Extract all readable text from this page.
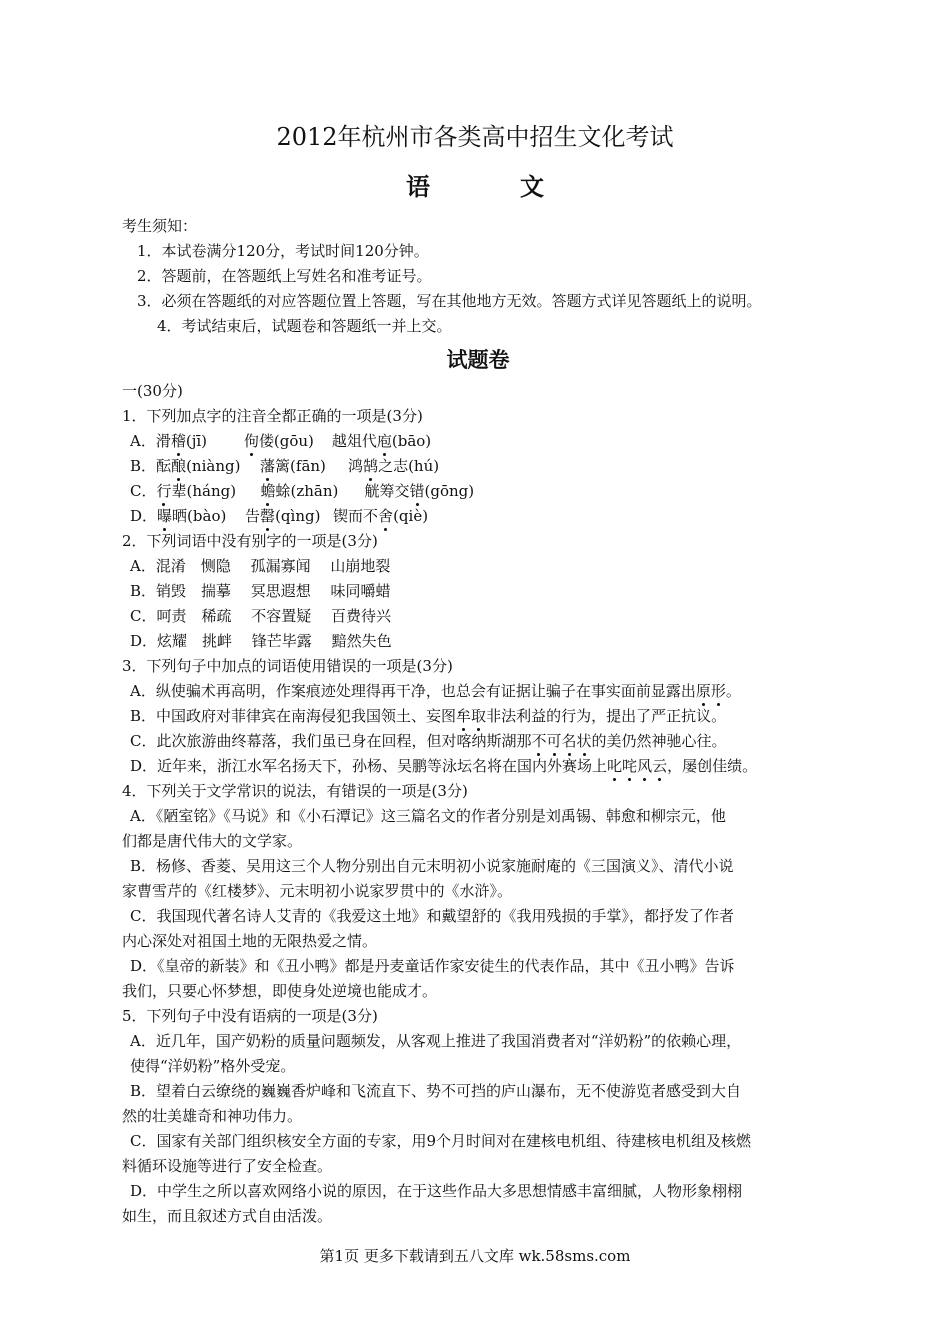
2012年杭州市各类高中招生文化考试
语	文
考生须知：
1．本试卷满分120分，考试时间120分钟。
2．答题前，在答题纸上写姓名和准考证号。
3．必须在答题纸的对应答题位置上答题，写在其他地方无效。答题方式详见答题纸上的说明。
4．考试结束后，试题卷和答题纸一并上交。
试题卷
一(30分)
1．下列加点字的注音全都正确的一项是(3分)
A．滑稽(jī) 佝偻(gōu) 越俎代庖(bāo)
B．酝酿(niàng) 藩篱(fān) 鸿鹄之志(hú)
C．行辈(háng) 蟾蜍(zhān) 觥筹交错(gōng)
D．曝晒(bào) 告罄(qìng) 锲而不舍(qiè)
2．下列词语中没有别字的一项是(3分)
A．混淆　恻隐　 孤漏寡闻　 山崩地裂
B．销毁　揣摹　 冥思遐想　 味同嚼蜡
C．呵责　稀疏　 不容置疑　 百费待兴
D．炫耀　挑衅　 锋芒毕露　 黯然失色
3．下列句子中加点的词语使用错误的一项是(3分)
A．纵使骗术再高明，作案痕迹处理得再干净，也总会有证据让骗子在事实面前显露出原形。
B．中国政府对菲律宾在南海侵犯我国领土、妄图牟取非法利益的行为，提出了严正抗议。
C．此次旅游曲终幕落，我们虽已身在回程，但对喀纳斯湖那不可名状的美仍然神驰心往。
D．近年来，浙江水军名扬天下，孙杨、吴鹏等泳坛名将在国内外赛场上叱咤风云，屡创佳绩。
4．下列关于文学常识的说法，有错误的一项是(3分)
A．《陋室铭》《马说》和《小石潭记》这三篇名文的作者分别是刘禹锡、韩愈和柳宗元，他
们都是唐代伟大的文学家。
B．杨修、香菱、吴用这三个人物分别出自元末明初小说家施耐庵的《三国演义》、清代小说
家曹雪芹的《红楼梦》、元末明初小说家罗贯中的《水浒》。
C．我国现代著名诗人艾青的《我爱这土地》和戴望舒的《我用残损的手掌》，都抒发了作者
内心深处对祖国土地的无限热爱之情。
D．《皇帝的新装》和《丑小鸭》都是丹麦童话作家安徒生的代表作品，其中《丑小鸭》告诉
我们，只要心怀梦想，即使身处逆境也能成才。
5．下列句子中没有语病的一项是(3分)
A．近几年，国产奶粉的质量问题频发，从客观上推进了我国消费者对“洋奶粉”的依赖心理，
使得“洋奶粉”格外受宠。
B．望着白云缭绕的巍巍香炉峰和飞流直下、势不可挡的庐山瀑布，无不使游览者感受到大自
然的壮美雄奇和神功伟力。
C．国家有关部门组织核安全方面的专家，用9个月时间对在建核电机组、待建核电机组及核燃
料循环设施等进行了安全检查。
D．中学生之所以喜欢网络小说的原因，在于这些作品大多思想情感丰富细腻，人物形象栩栩
如生，而且叙述方式自由活泼。
第1页 更多下载请到五八文库 wk.58sms.com
